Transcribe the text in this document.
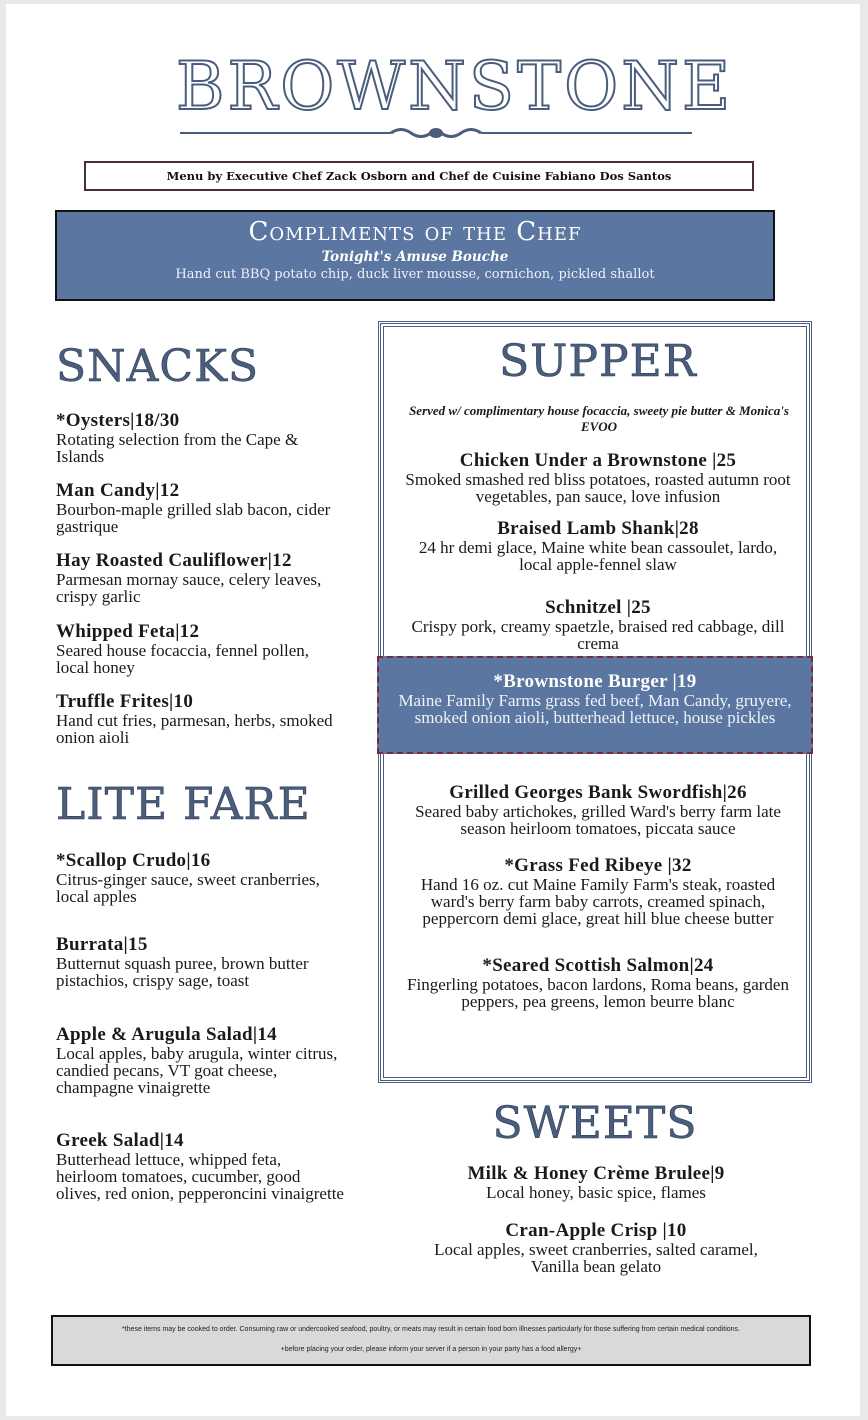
BROWNSTONE
Menu by Executive Chef Zack Osborn and Chef de Cuisine Fabiano Dos Santos
Compliments of the Chef
Tonight's Amuse Bouche
Hand cut BBQ potato chip, duck liver mousse, cornichon, pickled shallot
SNACKS
*Oysters|18/30
Rotating selection from the Cape & Islands
Man Candy|12
Bourbon-maple grilled slab bacon, cider gastrique
Hay Roasted Cauliflower|12
Parmesan mornay sauce, celery leaves, crispy garlic
Whipped Feta|12
Seared house focaccia, fennel pollen, local honey
Truffle Frites|10
Hand cut fries, parmesan, herbs, smoked onion aioli
LITE FARE
*Scallop Crudo|16
Citrus-ginger sauce, sweet cranberries, local apples
Burrata|15
Butternut squash puree, brown butter pistachios, crispy sage, toast
Apple & Arugula Salad|14
Local apples, baby arugula, winter citrus, candied pecans, VT goat cheese, champagne vinaigrette
Greek Salad|14
Butterhead lettuce, whipped feta, heirloom tomatoes, cucumber, good olives, red onion, pepperoncini vinaigrette
SUPPER
Served w/ complimentary house focaccia, sweety pie butter & Monica's EVOO
Chicken Under a Brownstone |25
Smoked smashed red bliss potatoes, roasted autumn root vegetables, pan sauce, love infusion
Braised Lamb Shank|28
24 hr demi glace, Maine white bean cassoulet, lardo, local apple-fennel slaw
Schnitzel |25
Crispy pork, creamy spaetzle, braised red cabbage, dill crema
Grilled Georges Bank Swordfish|26
Seared baby artichokes, grilled Ward's berry farm late season heirloom tomatoes, piccata sauce
*Grass Fed Ribeye |32
Hand 16 oz. cut Maine Family Farm's steak, roasted ward's berry farm baby carrots, creamed spinach, peppercorn demi glace, great hill blue cheese butter
*Seared Scottish Salmon|24
Fingerling potatoes, bacon lardons, Roma beans, garden peppers, pea greens, lemon beurre blanc
*Brownstone Burger |19
Maine Family Farms grass fed beef, Man Candy, gruyere, smoked onion aioli, butterhead lettuce, house pickles
SWEETS
Milk & Honey Crème Brulee|9
Local honey, basic spice, flames
Cran-Apple Crisp |10
Local apples, sweet cranberries, salted caramel, Vanilla bean gelato

*these items may be cooked to order. Consuming raw or undercooked seafood, poultry, or meats may result in certain food born illnesses particularly for those suffering from certain medical conditions.

+before placing your order, please inform your server if a person in your party has a food allergy+
